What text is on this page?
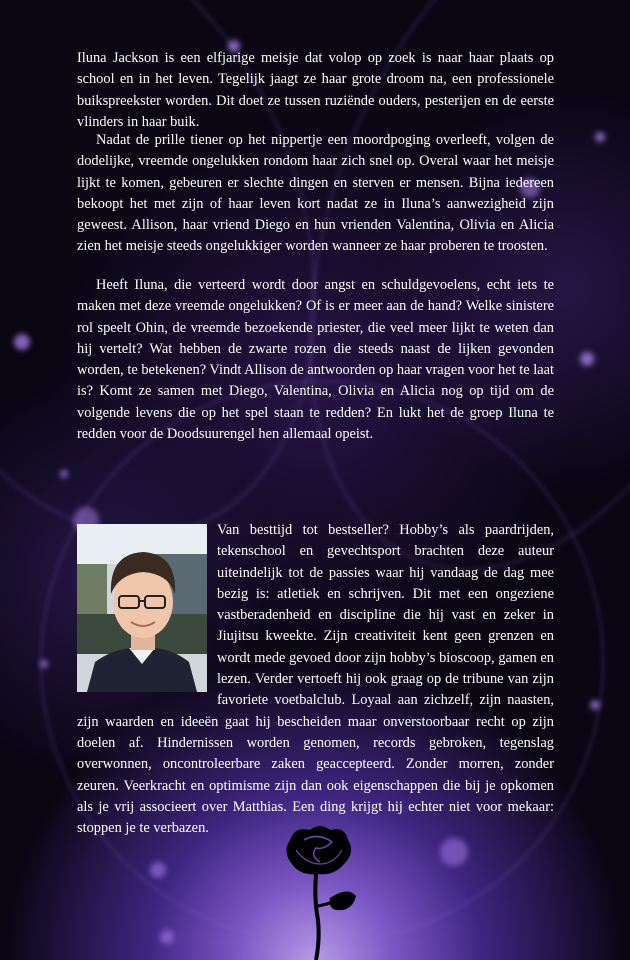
Iluna Jackson is een elfjarige meisje dat volop op zoek is naar haar plaats op school en in het leven. Tegelijk jaagt ze haar grote droom na, een professionele buikspreekster worden. Dit doet ze tussen ruziënde ouders, pesterijen en de eerste vlinders in haar buik.

Nadat de prille tiener op het nippertje een moordpoging overleeft, volgen de dodelijke, vreemde ongelukken rondom haar zich snel op. Overal waar het meisje lijkt te komen, gebeuren er slechte dingen en sterven er mensen. Bijna iedereen bekoopt het met zijn of haar leven kort nadat ze in Iluna’s aanwezigheid zijn geweest. Allison, haar vriend Diego en hun vrienden Valentina, Olivia en Alicia zien het meisje steeds ongelukkiger worden wanneer ze haar proberen te troosten.

Heeft Iluna, die verteerd wordt door angst en schuldgevoelens, echt iets te maken met deze vreemde ongelukken? Of is er meer aan de hand? Welke sinistere rol speelt Ohin, de vreemde bezoekende priester, die veel meer lijkt te weten dan hij vertelt? Wat hebben de zwarte rozen die steeds naast de lijken gevonden worden, te betekenen? Vindt Allison de antwoorden op haar vragen voor het te laat is? Komt ze samen met Diego, Valentina, Olivia en Alicia nog op tijd om de volgende levens die op het spel staan te redden? En lukt het de groep Iluna te redden voor de Doodsuurengel hen allemaal opeist.

Van besttijd tot bestseller? Hobby’s als paardrijden, tekenschool en gevechtsport brachten deze auteur uiteindelijk tot de passies waar hij vandaag de dag mee bezig is: atletiek en schrijven. Dit met een ongeziene vastberadenheid en discipline die hij vast en zeker in Jiujitsu kweekte. Zijn creativiteit kent geen grenzen en wordt mede gevoed door zijn hobby’s bioscoop, gamen en lezen. Verder vertoeft hij ook graag op de tribune van zijn favoriete voetbalclub. Loyaal aan zichzelf, zijn naasten, zijn waarden en ideeën gaat hij bescheiden maar onverstoorbaar recht op zijn doelen af. Hindernissen worden genomen, records gebroken, tegenslag overwonnen, oncontroleerbare zaken geaccepteerd. Zonder morren, zonder zeuren. Veerkracht en optimisme zijn dan ook eigenschappen die bij je opkomen als je vrij associeert over Matthias. Een ding krijgt hij echter niet voor mekaar: stoppen je te verbazen.
